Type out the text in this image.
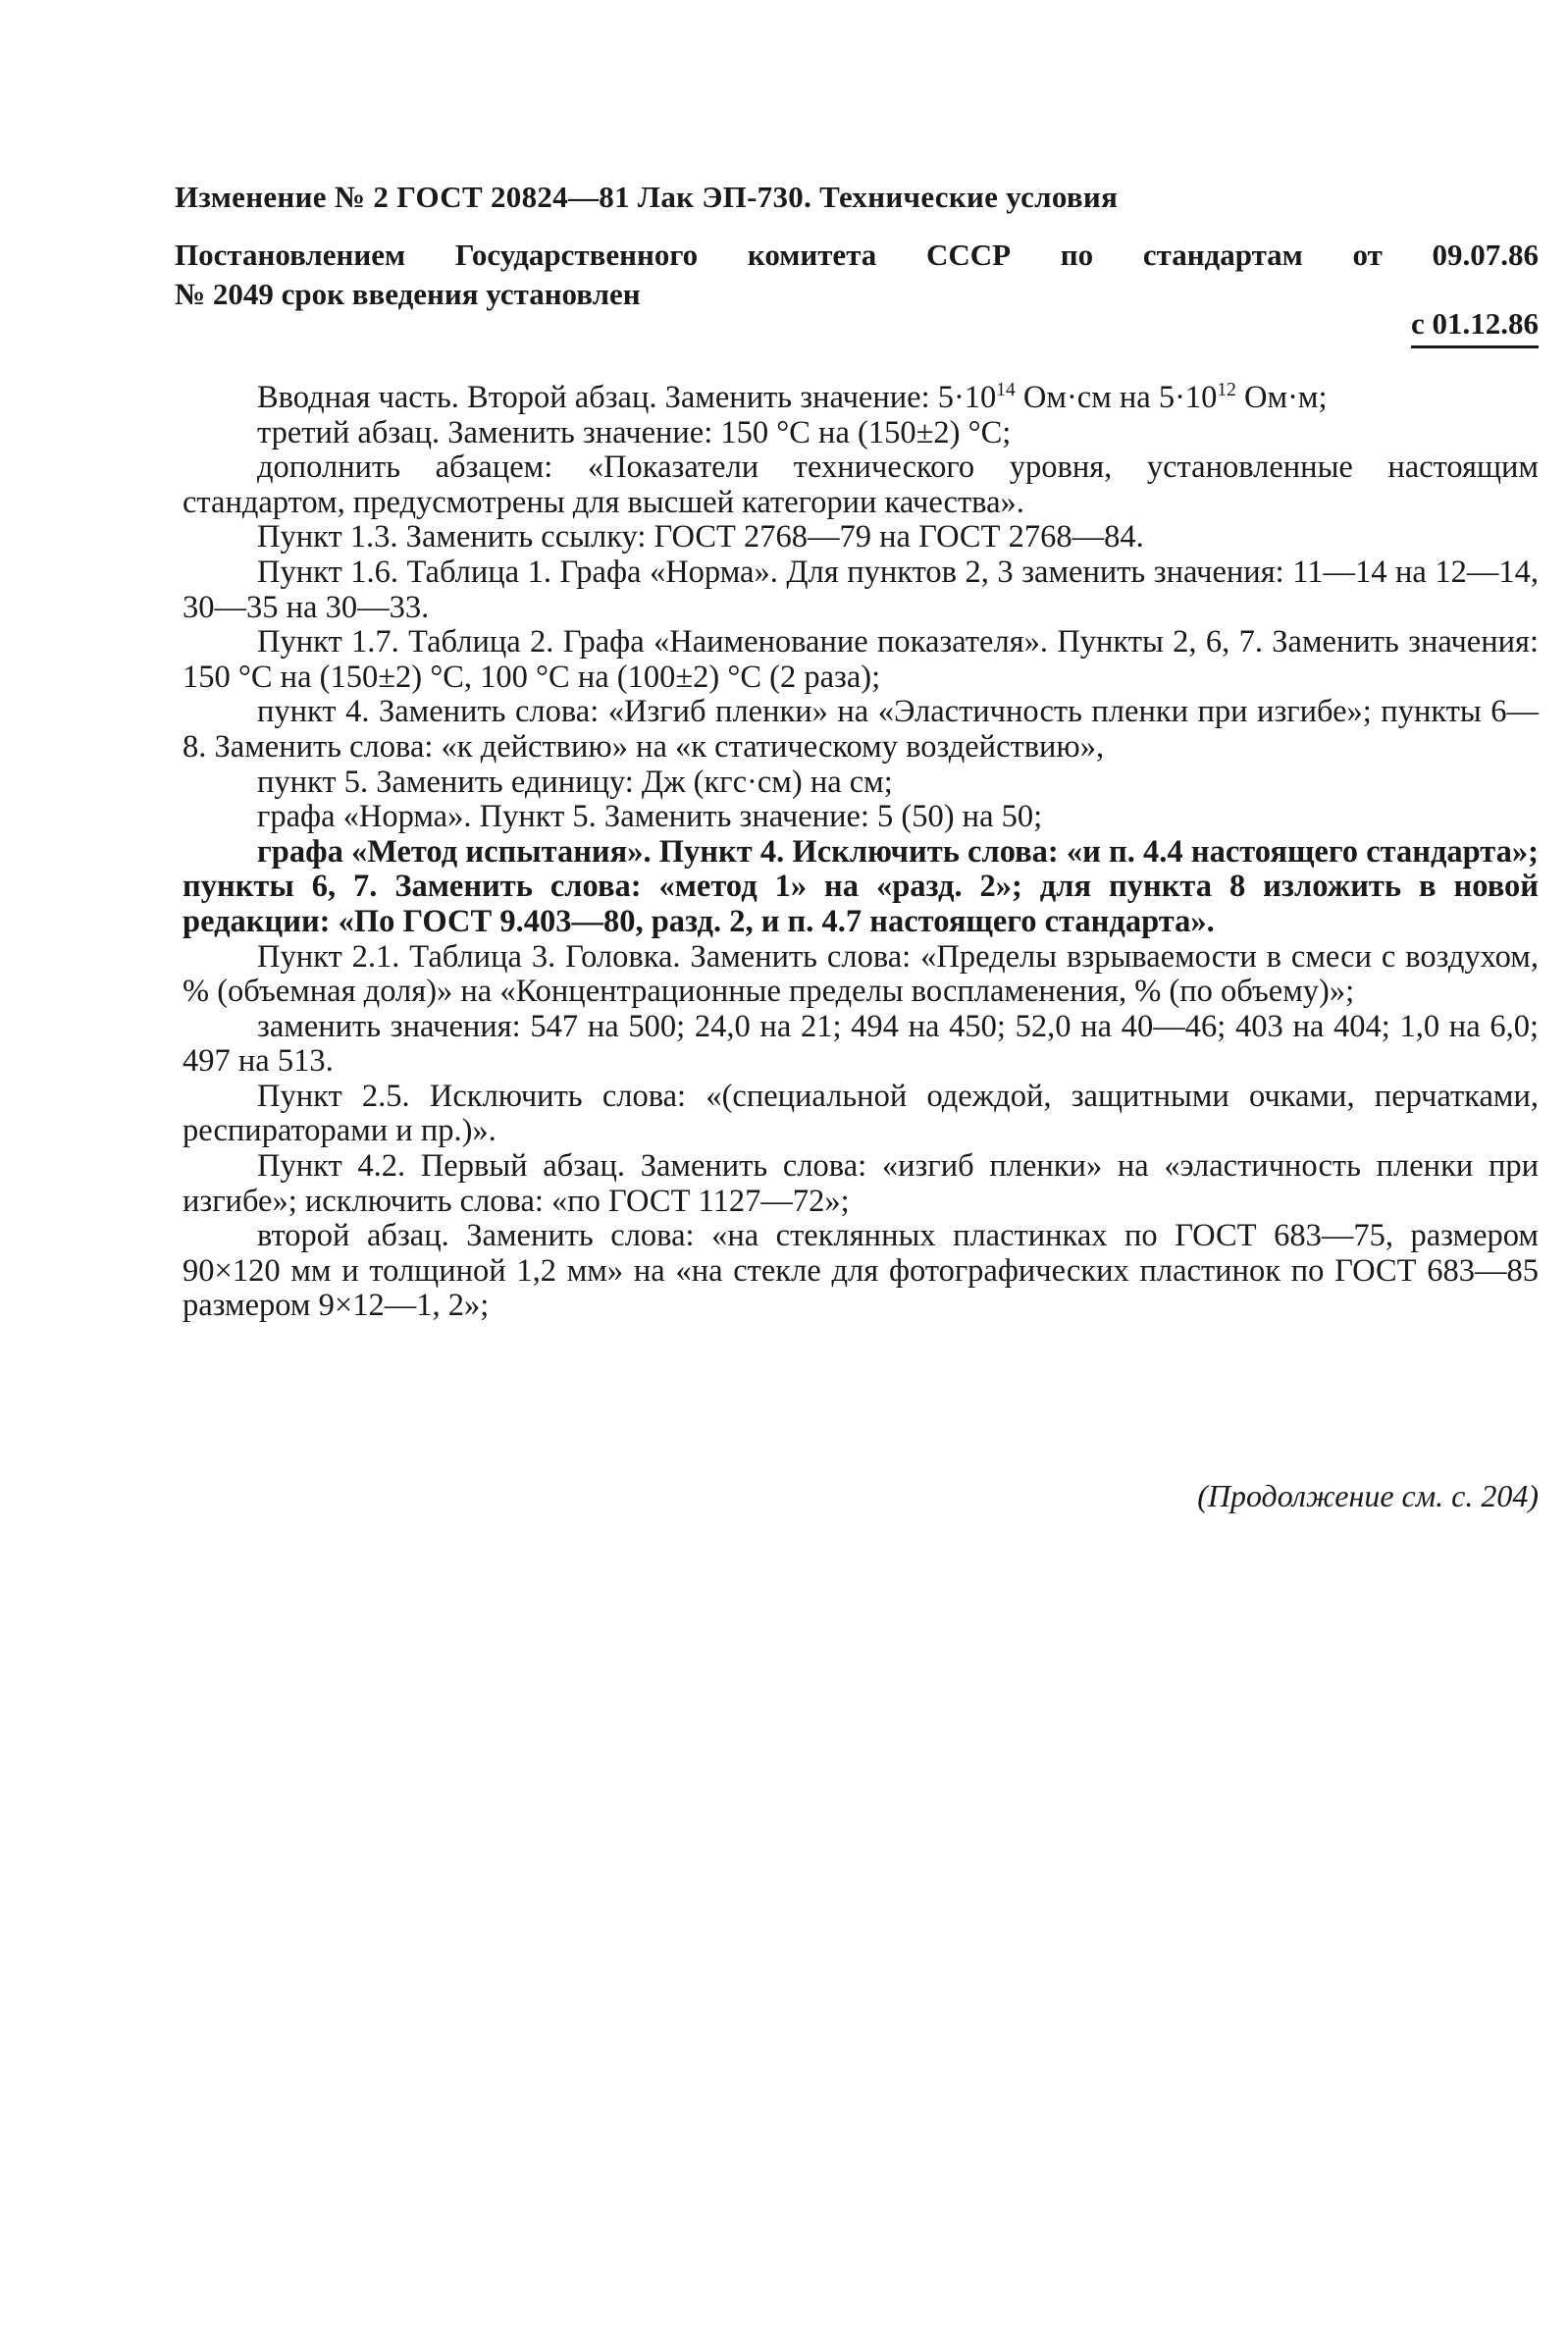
Изменение № 2 ГОСТ 20824—81 Лак ЭП-730. Технические условия
Постановлением Государственного комитета СССР по стандартам от 09.07.86
№ 2049 срок введения установлен
с 01.12.86

Вводная часть. Второй абзац. Заменить значение: $5\cdot 10^{14}$ Ом·см на $5\cdot 10^{12}$ Ом·м;

третий абзац. Заменить значение: 150 °С на (150±2) °С;

дополнить абзацем: «Показатели технического уровня, установленные настоящим стандартом, предусмотрены для высшей категории качества».

Пункт 1.3. Заменить ссылку: ГОСТ 2768—79 на ГОСТ 2768—84.

Пункт 1.6. Таблица 1. Графа «Норма». Для пунктов 2, 3 заменить значения: 11—14 на 12—14, 30—35 на 30—33.

Пункт 1.7. Таблица 2. Графа «Наименование показателя». Пункты 2, 6, 7. Заменить значения: 150 °С на (150±2) °С, 100 °С на (100±2) °С (2 раза);

пункт 4. Заменить слова: «Изгиб пленки» на «Эластичность пленки при изгибе»; пункты 6—8. Заменить слова: «к действию» на «к статическому воздействию»,

пункт 5. Заменить единицу: Дж (кгс·см) на см;

графа «Норма». Пункт 5. Заменить значение: 5 (50) на 50;

графа «Метод испытания». Пункт 4. Исключить слова: «и п. 4.4 настоящего стандарта»; пункты 6, 7. Заменить слова: «метод 1» на «разд. 2»; для пункта 8 изложить в новой редакции: «По ГОСТ 9.403—80, разд. 2, и п. 4.7 настоящего стандарта».

Пункт 2.1. Таблица 3. Головка. Заменить слова: «Пределы взрываемости в смеси с воздухом, % (объемная доля)» на «Концентрационные пределы воспламенения, % (по объему)»;

заменить значения: 547 на 500; 24,0 на 21; 494 на 450; 52,0 на 40—46; 403 на 404; 1,0 на 6,0; 497 на 513.

Пункт 2.5. Исключить слова: «(специальной одеждой, защитными очками, перчатками, респираторами и пр.)».

Пункт 4.2. Первый абзац. Заменить слова: «изгиб пленки» на «эластичность пленки при изгибе»; исключить слова: «по ГОСТ 1127—72»;

второй абзац. Заменить слова: «на стеклянных пластинках по ГОСТ 683—75, размером 90×120 мм и толщиной 1,2 мм» на «на стекле для фотографических пластинок по ГОСТ 683—85 размером 9×12—1, 2»;

(Продолжение см. с. 204)
